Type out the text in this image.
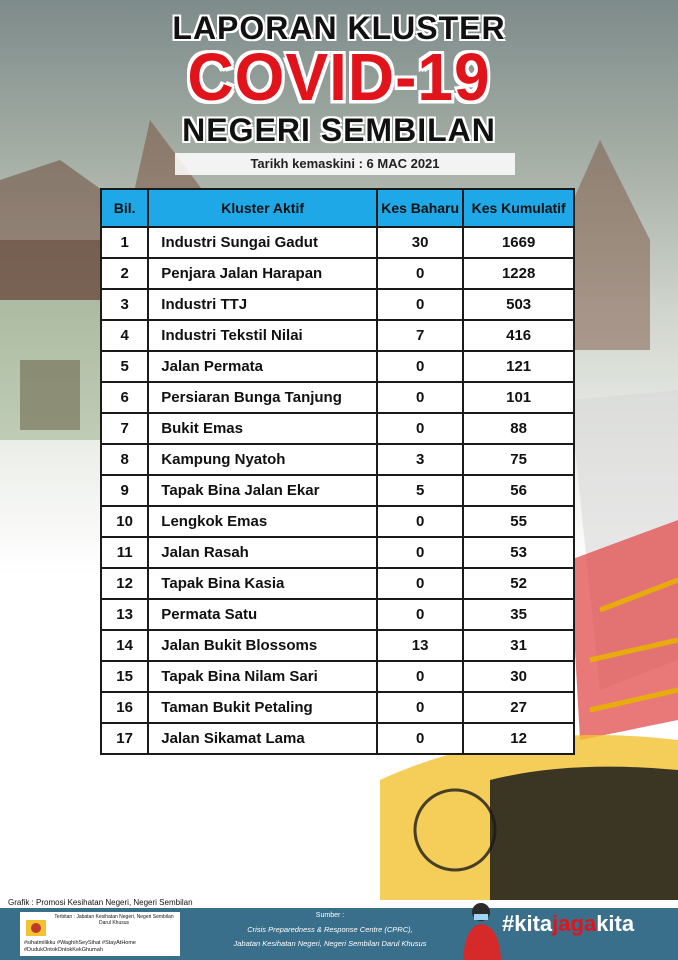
LAPORAN KLUSTER
COVID-19
NEGERI SEMBILAN
Tarikh kemaskini : 6 MAC 2021
Bil.	Kluster Aktif	Kes Baharu	Kes Kumulatif
1	Industri Sungai Gadut	30	1669
2	Penjara Jalan Harapan	0	1228
3	Industri TTJ	0	503
4	Industri Tekstil Nilai	7	416
5	Jalan Permata	0	121
6	Persiaran Bunga Tanjung	0	101
7	Bukit Emas	0	88
8	Kampung Nyatoh	3	75
9	Tapak Bina Jalan Ekar	5	56
10	Lengkok Emas	0	55
11	Jalan Rasah	0	53
12	Tapak Bina Kasia	0	52
13	Permata Satu	0	35
14	Jalan Bukit Blossoms	13	31
15	Tapak Bina Nilam Sari	0	30
16	Taman Bukit Petaling	0	27
17	Jalan Sikamat Lama	0	12
Grafik : Promosi Kesihatan Negeri, Negeri Sembilan
Terbitan : Jabatan Kesihatan Negeri, Negeri Sembilan Darul Khusus
#sihatmilikku #WaghihSeySihat #StayAtHome #DudukOntokOntokKekGhumah
Sumber :
Crisis Preparedness & Response Centre (CPRC),
Jabatan Kesihatan Negeri, Negeri Sembilan Darul Khusus
#kitajagakita
